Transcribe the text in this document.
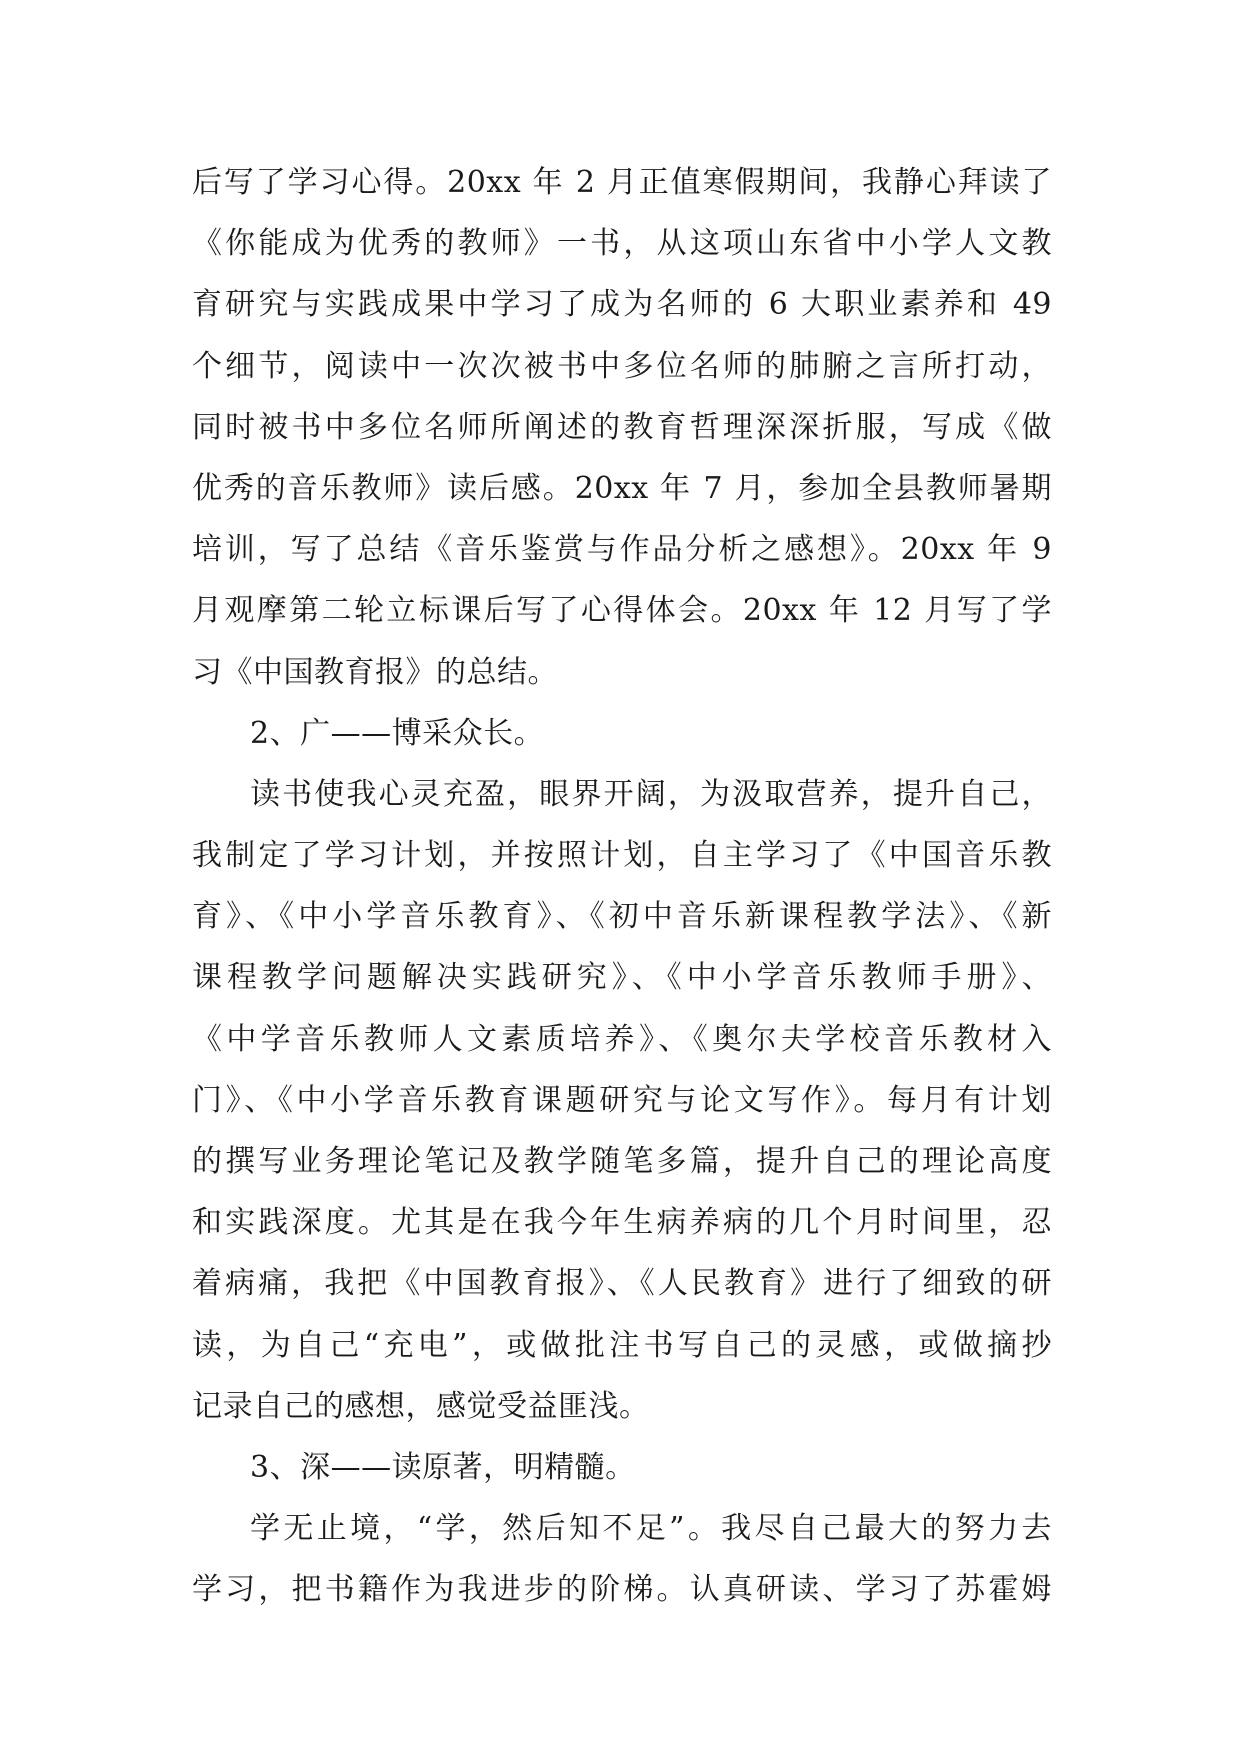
后写了学习心得。20xx 年 2 月正值寒假期间，我静心拜读了
《你能成为优秀的教师》一书，从这项山东省中小学人文教
育研究与实践成果中学习了成为名师的 6 大职业素养和 49
个细节，阅读中一次次被书中多位名师的肺腑之言所打动，
同时被书中多位名师所阐述的教育哲理深深折服，写成《做
优秀的音乐教师》读后感。20xx 年 7 月，参加全县教师暑期
培训，写了总结《音乐鉴赏与作品分析之感想》。20xx 年 9
月观摩第二轮立标课后写了心得体会。20xx 年 12 月写了学
习《中国教育报》的总结。
2、广——博采众长。
读书使我心灵充盈，眼界开阔，为汲取营养，提升自己，
我制定了学习计划，并按照计划，自主学习了《中国音乐教
育》、《中小学音乐教育》、《初中音乐新课程教学法》、《新
课程教学问题解决实践研究》、《中小学音乐教师手册》、
《中学音乐教师人文素质培养》、《奥尔夫学校音乐教材入
门》、《中小学音乐教育课题研究与论文写作》。每月有计划
的撰写业务理论笔记及教学随笔多篇，提升自己的理论高度
和实践深度。尤其是在我今年生病养病的几个月时间里，忍
着病痛，我把《中国教育报》、《人民教育》进行了细致的研
读，为自己“充电”，或做批注书写自己的灵感，或做摘抄
记录自己的感想，感觉受益匪浅。
3、深——读原著，明精髓。
学无止境，“学，然后知不足”。我尽自己最大的努力去
学习，把书籍作为我进步的阶梯。认真研读、学习了苏霍姆
